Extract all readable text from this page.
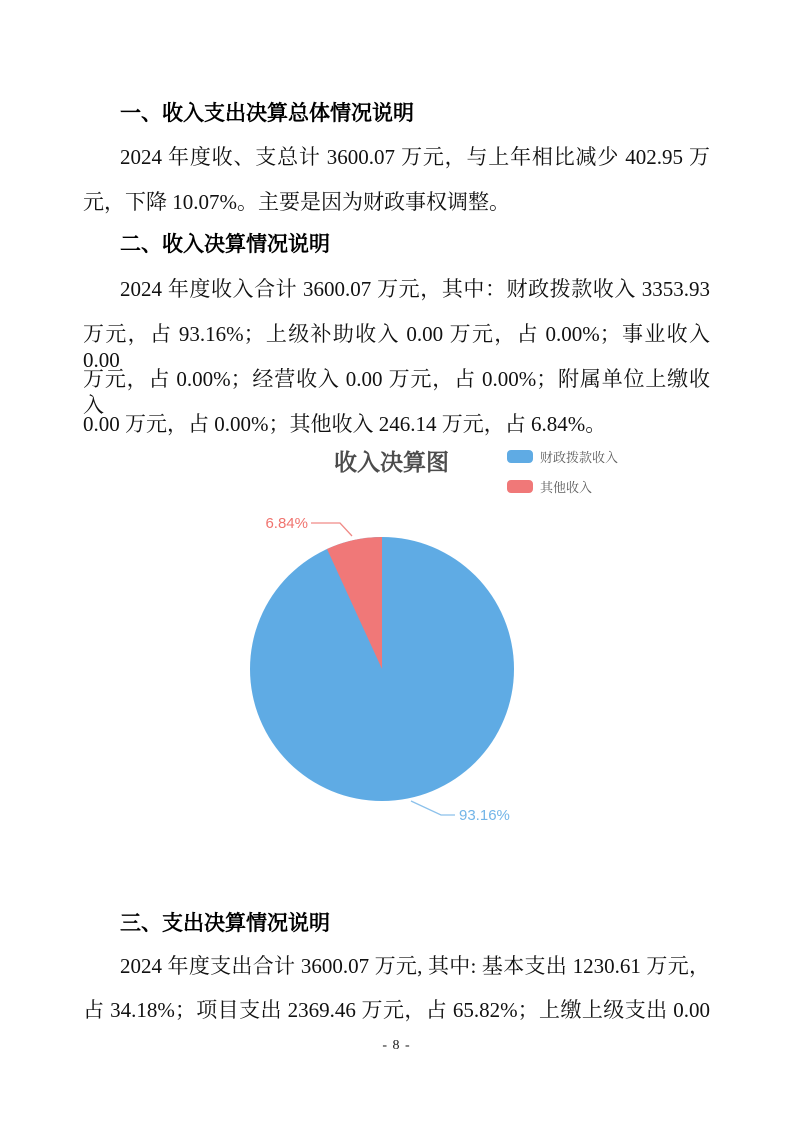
一、收入支出决算总体情况说明
2024 年度收、支总计 3600.07 万元，与上年相比减少 402.95 万
元，下降 10.07%。主要是因为财政事权调整。
二、收入决算情况说明
2024 年度收入合计 3600.07 万元，其中：财政拨款收入 3353.93
万元，占 93.16%；上级补助收入 0.00 万元，占 0.00%；事业收入 0.00
万元，占 0.00%；经营收入 0.00 万元，占 0.00%；附属单位上缴收入
0.00 万元，占 0.00%；其他收入 246.14 万元，占 6.84%。
三、支出决算情况说明
2024 年度支出合计 3600.07 万元, 其中: 基本支出 1230.61 万元，
占 34.18%；项目支出 2369.46 万元，占 65.82%；上缴上级支出 0.00
收入决算图	财政拨款收入
其他收入
6.84%
93.16%
- 8 -
